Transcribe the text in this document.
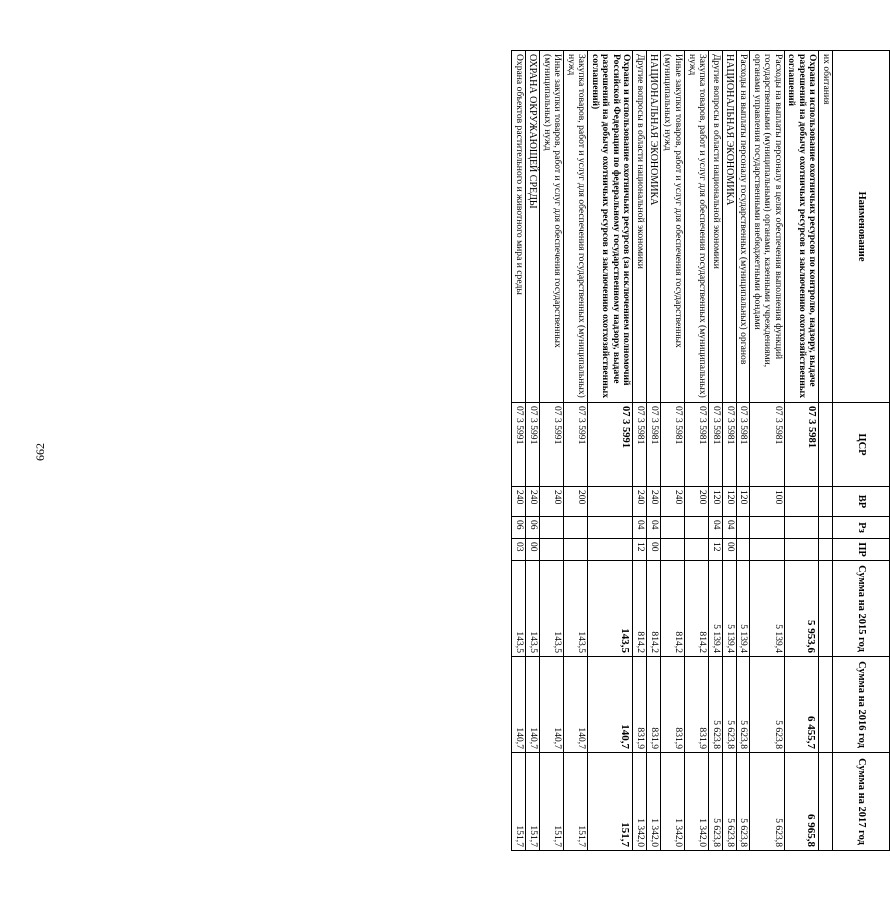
662
Наименование	ЦСР	ВР	Рз	ПР	Сумма на 2015 год	Сумма на 2016 год	Сумма на 2017 год
их обитания							
Охрана и использование охотничьих ресурсов по контролю, надзору, выдаче разрешений на добычу охотничьих ресурсов и заключению охотхозяйственных соглашений	07 3 5981				5 953,6	6 455,7	6 965,8
Расходы на выплаты персоналу в целях обеспечения выполнения функций государственными (муниципальными) органами, казенными учреждениями, органами управления государственными внебюджетными фондами	07 3 5981	100			5 139,4	5 623,8	5 623,8
Расходы на выплаты персоналу государственных (муниципальных) органов	07 3 5981	120			5 139,4	5 623,8	5 623,8
НАЦИОНАЛЬНАЯ ЭКОНОМИКА	07 3 5981	120	04	00	5 139,4	5 623,8	5 623,8
Другие вопросы в области национальной экономики	07 3 5981	120	04	12	5 139,4	5 623,8	5 623,8
Закупка товаров, работ и услуг для обеспечения государственных (муниципальных) нужд	07 3 5981	200			814,2	831,9	1 342,0
Иные закупки товаров, работ и услуг для обеспечения государственных (муниципальных) нужд	07 3 5981	240			814,2	831,9	1 342,0
НАЦИОНАЛЬНАЯ ЭКОНОМИКА	07 3 5981	240	04	00	814,2	831,9	1 342,0
Другие вопросы в области национальной экономики	07 3 5981	240	04	12	814,2	831,9	1 342,0
Охрана и использование охотничьих ресурсов (за исключением полномочий Российской Федерации по федеральному государственному надзору, выдаче разрешений на добычу охотничьих ресурсов и заключению охотхозяйственных соглашений)	07 3 5991				143,5	140,7	151,7
Закупка товаров, работ и услуг для обеспечения государственных (муниципальных) нужд	07 3 5991	200			143,5	140,7	151,7
Иные закупки товаров, работ и услуг для обеспечения государственных (муниципальных) нужд	07 3 5991	240			143,5	140,7	151,7
ОХРАНА ОКРУЖАЮЩЕЙ СРЕДЫ	07 3 5991	240	06	00	143,5	140,7	151,7
Охрана объектов растительного и животного мира и среды	07 3 5991	240	06	03	143,5	140,7	151,7
